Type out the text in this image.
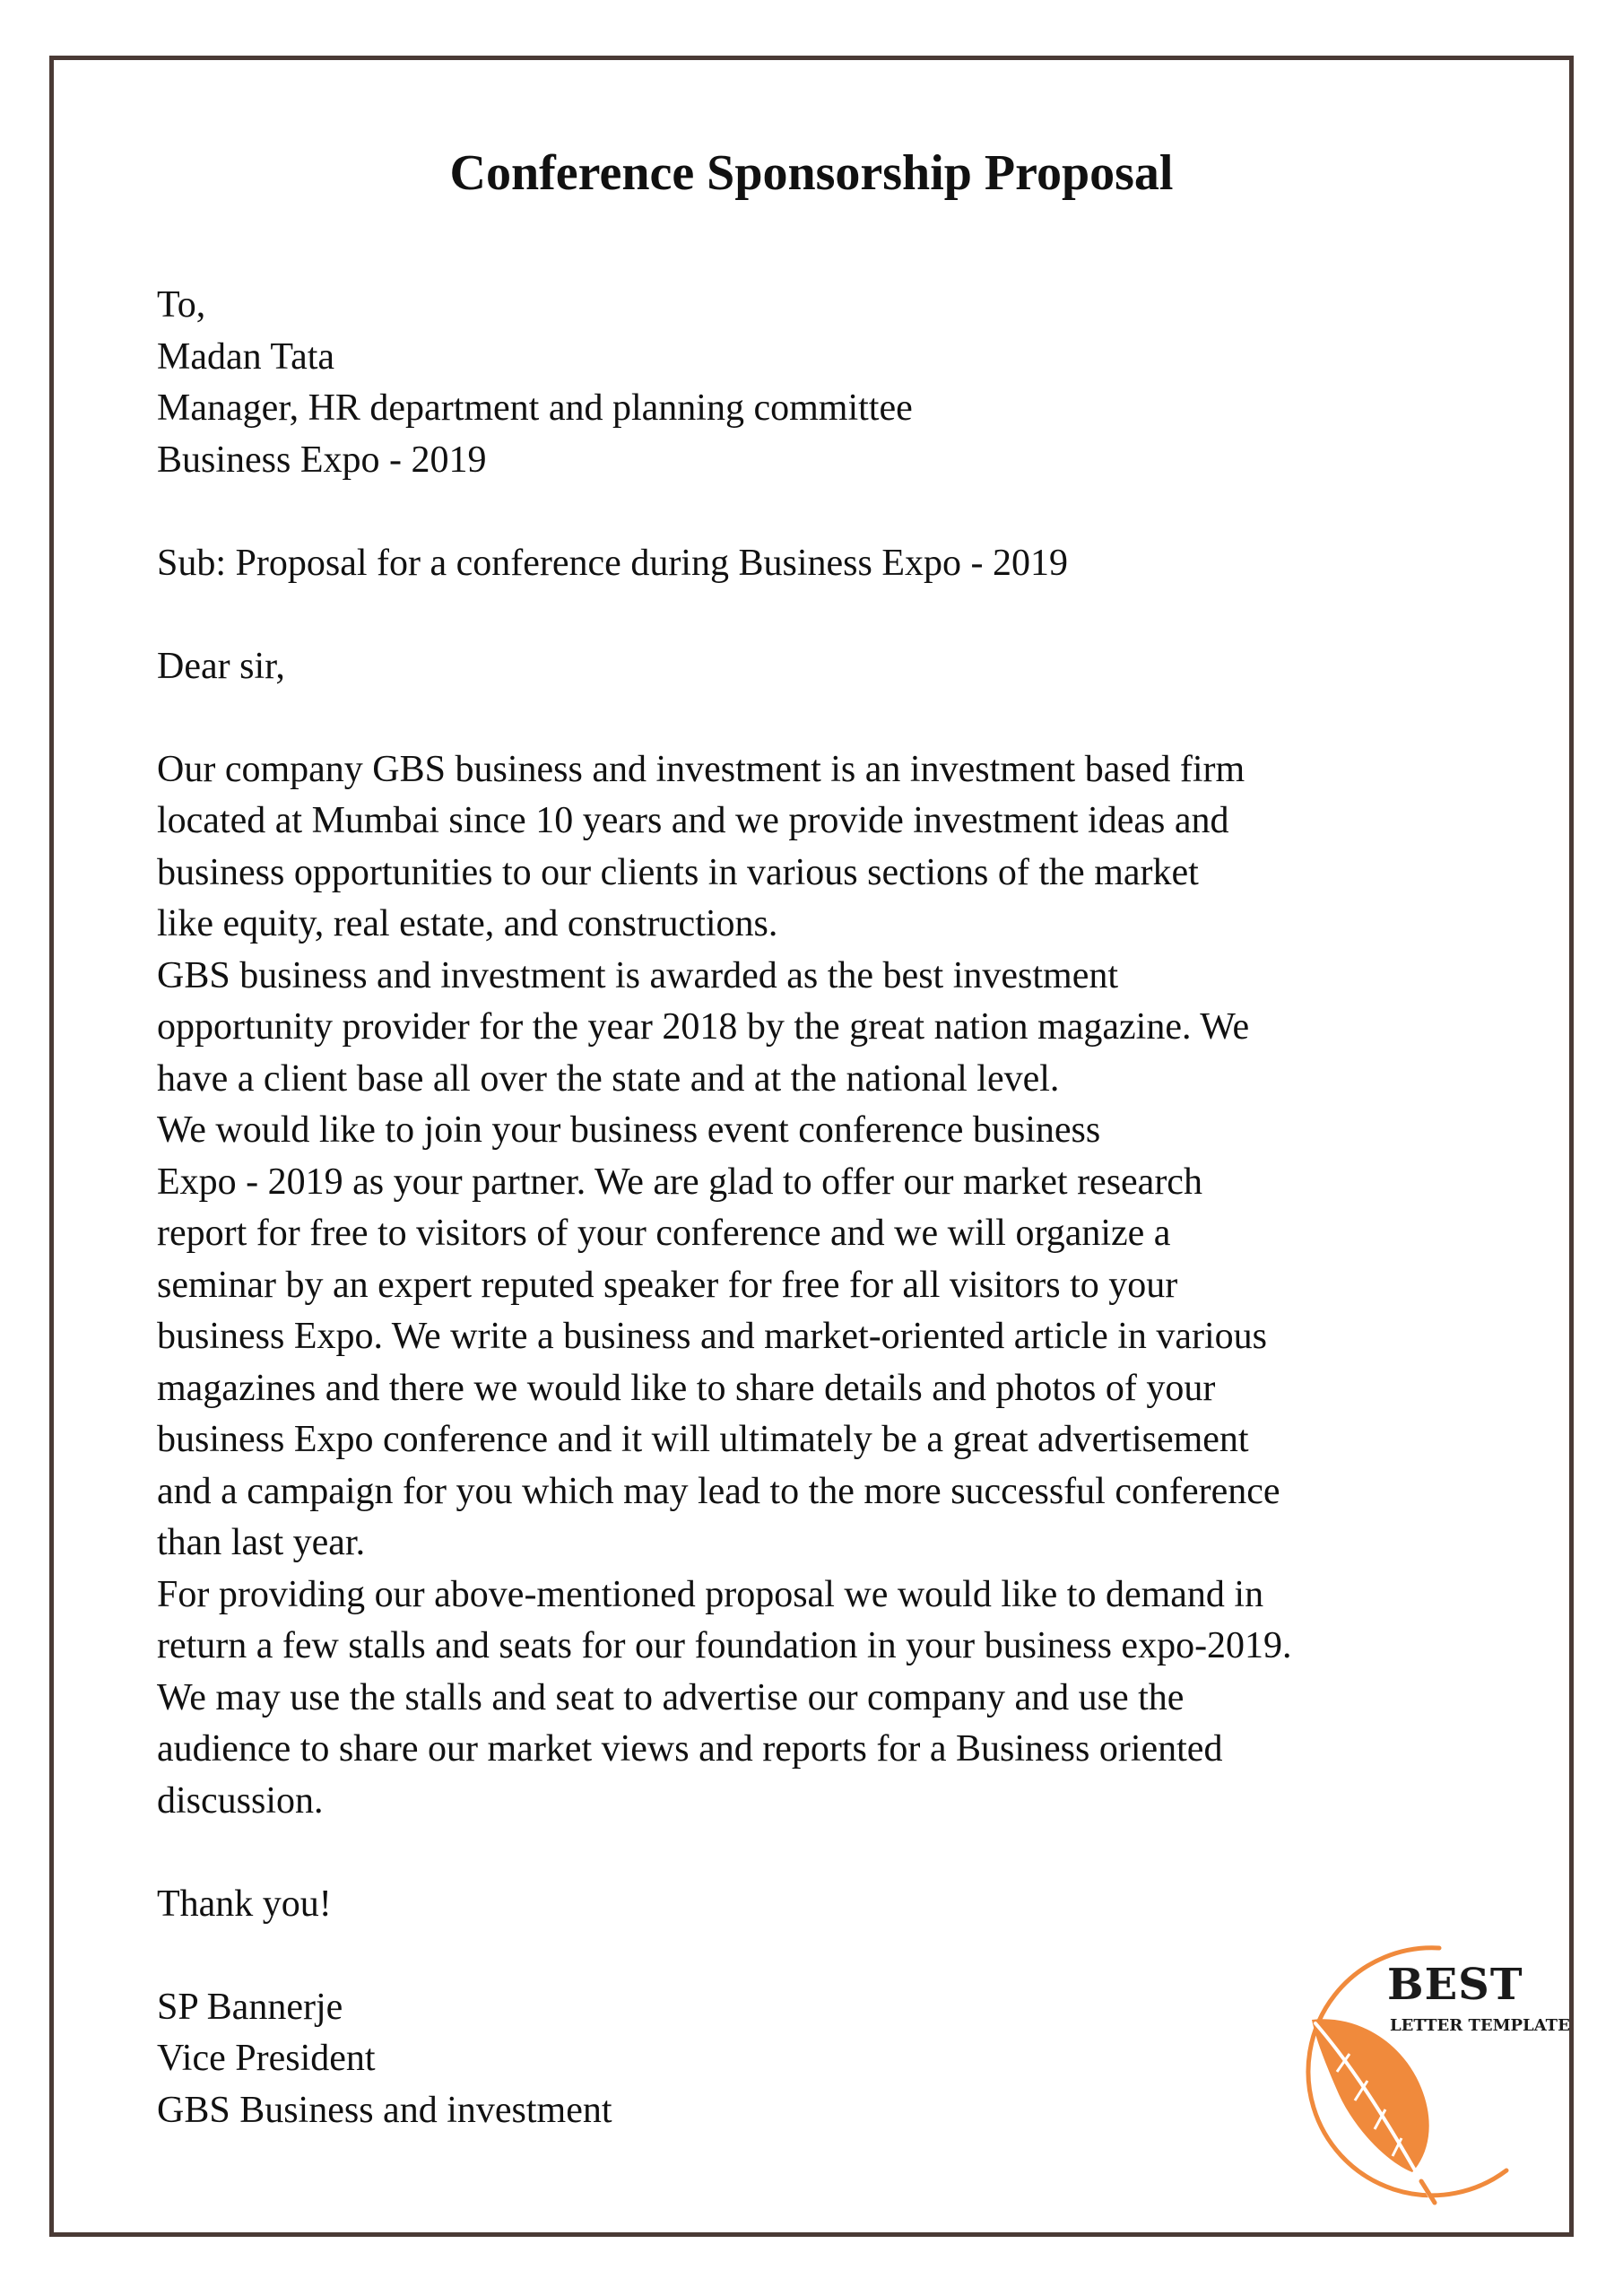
Conference Sponsorship Proposal
To,
Madan Tata
Manager, HR department and planning committee
Business Expo - 2019
Sub: Proposal for a conference during Business Expo - 2019
Dear sir,
Our company GBS business and investment is an investment based firm
located at Mumbai since 10 years and we provide investment ideas and
business opportunities to our clients in various sections of the market
like equity, real estate, and constructions.
GBS business and investment is awarded as the best investment
opportunity provider for the year 2018 by the great nation magazine. We
have a client base all over the state and at the national level.
We would like to join your business event conference business
Expo - 2019 as your partner. We are glad to offer our market research
report for free to visitors of your conference and we will organize a
seminar by an expert reputed speaker for free for all visitors to your
business Expo. We write a business and market-oriented article in various
magazines and there we would like to share details and photos of your
business Expo conference and it will ultimately be a great advertisement
and a campaign for you which may lead to the more successful conference
than last year.
For providing our above-mentioned proposal we would like to demand in
return a few stalls and seats for our foundation in your business expo-2019.
We may use the stalls and seat to advertise our company and use the
audience to share our market views and reports for a Business oriented
discussion.
Thank you!
SP Bannerje
Vice President
GBS Business and investment
BEST
LETTER TEMPLATE
